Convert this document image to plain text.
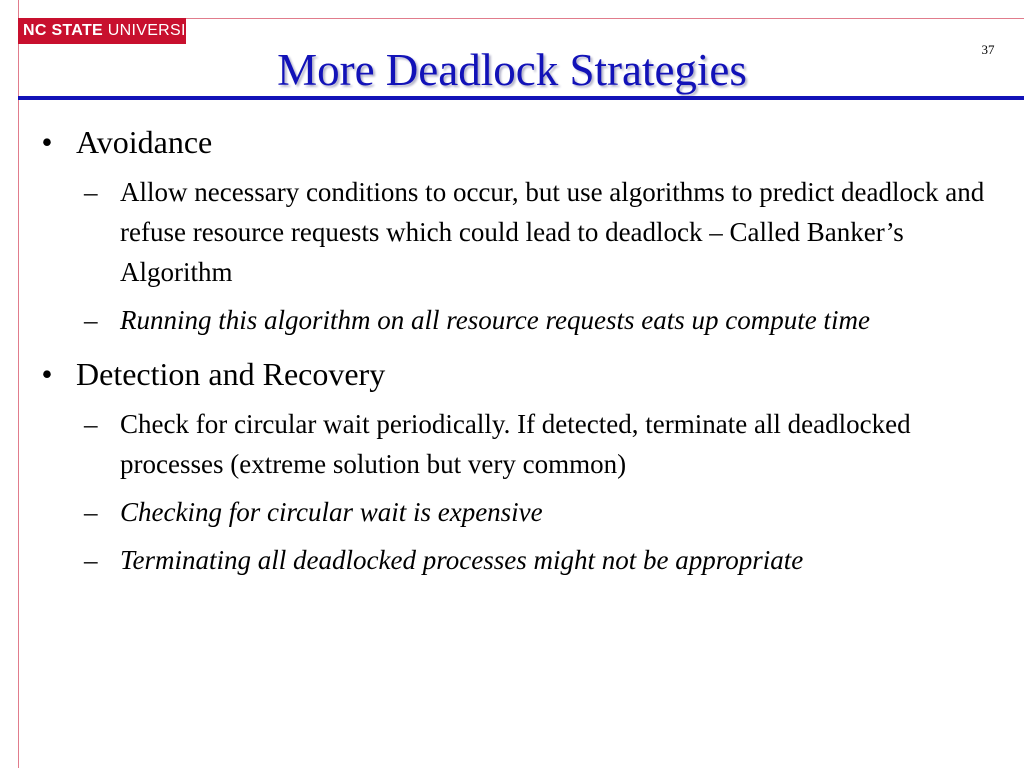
NC STATE UNIVERSITY
More Deadlock Strategies	37
• Avoidance
– Allow necessary conditions to occur, but use algorithms to predict deadlock and refuse resource requests which could lead to deadlock – Called Banker’s Algorithm
– Running this algorithm on all resource requests eats up compute time
• Detection and Recovery
– Check for circular wait periodically. If detected, terminate all deadlocked processes (extreme solution but very common)
– Checking for circular wait is expensive
– Terminating all deadlocked processes might not be appropriate
